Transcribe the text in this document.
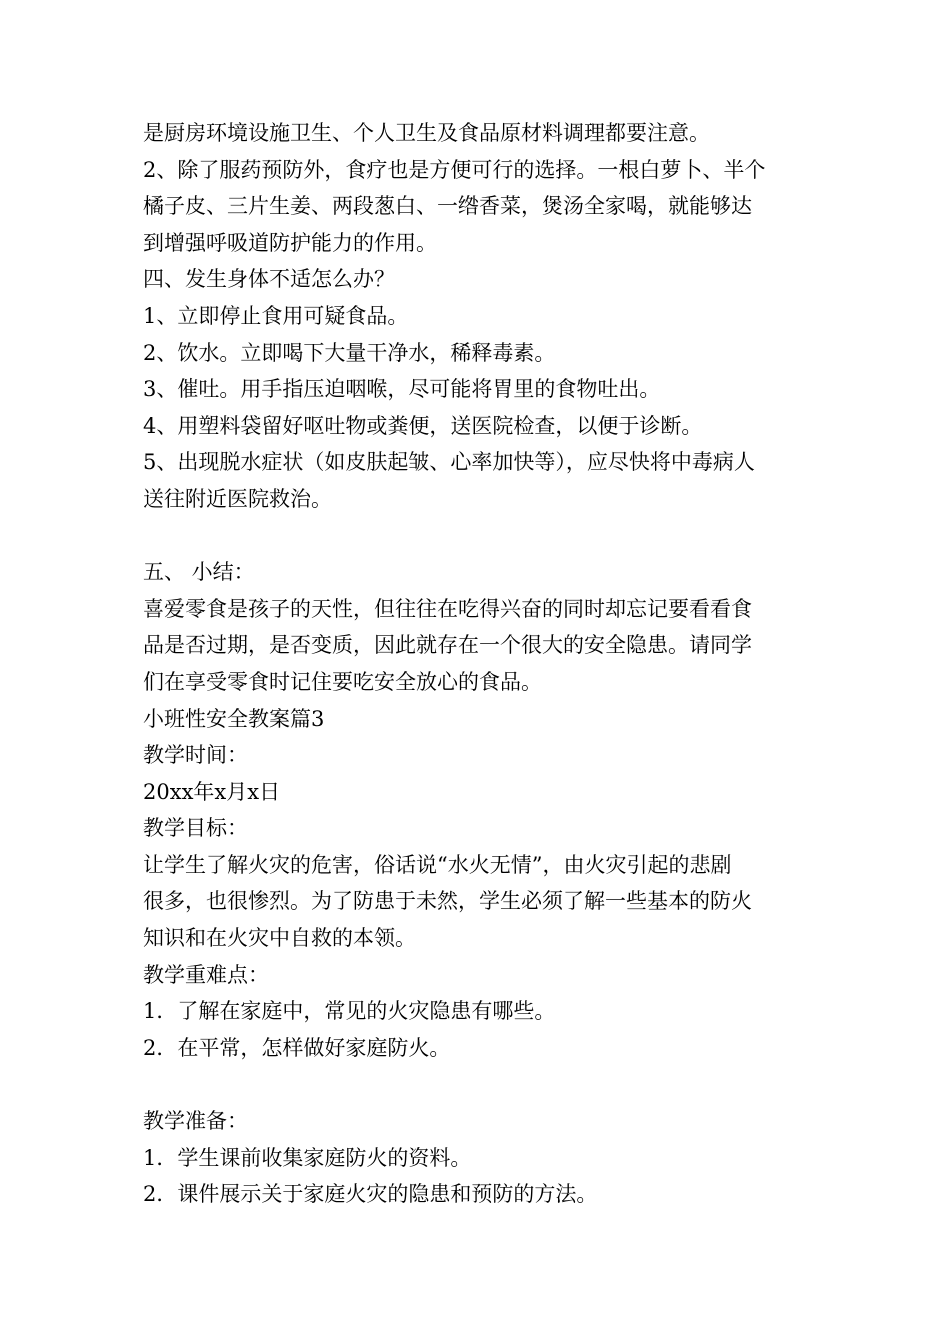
是厨房环境设施卫生、个人卫生及食品原材料调理都要注意。
2、除了服药预防外，食疗也是方便可行的选择。一根白萝卜、半个
橘子皮、三片生姜、两段葱白、一绺香菜，煲汤全家喝，就能够达
到增强呼吸道防护能力的作用。
四、发生身体不适怎么办？
1、立即停止食用可疑食品。
2、饮水。立即喝下大量干净水，稀释毒素。
3、催吐。用手指压迫咽喉，尽可能将胃里的食物吐出。
4、用塑料袋留好呕吐物或粪便，送医院检查，以便于诊断。
5、出现脱水症状（如皮肤起皱、心率加快等），应尽快将中毒病人
送往附近医院救治。
五、 小结：
喜爱零食是孩子的天性，但往往在吃得兴奋的同时却忘记要看看食
品是否过期，是否变质，因此就存在一个很大的安全隐患。请同学
们在享受零食时记住要吃安全放心的食品。
小班性安全教案篇3
教学时间：
20xx年x月x日
教学目标：
让学生了解火灾的危害，俗话说“水火无情”，由火灾引起的悲剧
很多，也很惨烈。为了防患于未然，学生必须了解一些基本的防火
知识和在火灾中自救的本领。
教学重难点：
1．了解在家庭中，常见的火灾隐患有哪些。
2．在平常，怎样做好家庭防火。
教学准备：
1．学生课前收集家庭防火的资料。
2．课件展示关于家庭火灾的隐患和预防的方法。
